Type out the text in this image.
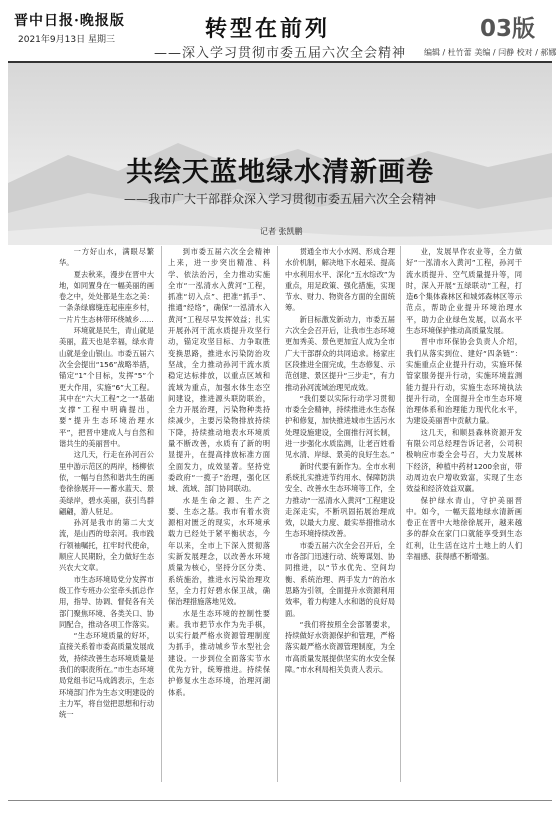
晋中日报·晚报版
2021年9月13日 星期三	转型在前列
——深入学习贯彻市委五届六次全会精神
03版
编辑 / 杜竹蕾 美编 / 闫静 校对 / 郝娜
共绘天蓝地绿水清新画卷
——我市广大干部群众深入学习贯彻市委五届六次全会精神
记者 张凯鹏

一方好山水，满眼尽繁华。

夏去秋来，漫步在晋中大地，如同置身在一幅美丽的画卷之中，处处都是生态之美：一条条绿廊缝连起座座乡村，一片片生态林带环绕城乡……

环境就是民生，青山就是美丽，蓝天也是幸福，绿水青山就是金山银山。市委五届六次全会提出“156”战略举措，锚定“1”个目标，发挥“5”个更大作用，实施“6”大工程。其中在“六大工程”之一“基础支撑”工程中明确提出，要“提升生态环境治理水平”，把晋中建成人与自然和谐共生的美丽晋中。

这几天，行走在孙河百公里中游示范区的两岸，杨柳依依，一幅与自然和谐共生的画卷徐徐展开——蓄水蓝天、景美绿岸，碧水美丽，获引鸟群翩翩，游人驻足。

孙河是我市的第二大支流，是山西的母亲河。我市践行领袖嘱托，扛牢时代使命，顺应人民期盼，全力做好生态兴农大文章。

市生态环境局党分发挥市级工作专班办公室牵头抓总作用，指导、协调、督促各有关部门聚焦环境、各类关口、协同配合，推动各项工作落实。

“生态环境质量的好坏，直接关系着市委高质量发展成效，持续改善生态环境质量是我们的职责所在。”市生态环境局党组书记马成鸽表示，生态环境部门作为生态文明建设的主力军，将自觉把思想和行动统一

到市委五届六次全会精神上来，进一步突出精准、科学、依法治污，全力推动实施全市“一泓清水入黄河”工程，抓准“切入点”、把准“抓手”、推通“经络”，确保“一泓清水入黄河”工程尽早发挥效益；扎实开展孙河干流水质提升攻坚行动，锚定攻坚目标、力争取胜变换思路，推进水污染防治攻坚战，全力推动孙河干流水质稳定达标排放，以重点区域和流域为重点，加强水体生态空间建设，推进源头联防联治，全力开展治理，污染物种类持续减少，主要污染物排放持续下降，持续推动地表水环境质量不断改善，水质有了新的明显提升，在提高排放标准方面全面发力，成效显著。坚持党委政府“一揽子”治理，强化区域、流域、部门协同联动。

水是生命之源、生产之要、生态之基。我市有着水资源相对匮乏的现实，水环境承载力已经处于紧平衡状态，今年以来，全市上下深入贯彻落实新发展理念，以改善水环境质量为核心，坚持分区分类、系统施治，推进水污染治理攻坚，全力打好碧水保卫战，确保治理措施落地见效。

水是生态环境的控制性要素。我市把节水作为先手棋，以实行最严格水资源管理制度为抓手，推动城乡节水型社会建设。一步到位全面落实节水优先方针，统筹推进。持续保护修复水生态环境，治理河湖体系。

贯通全市大小水网、形成合理水价机制，解决地下水超采、提高中水利用水平、深化“五水综改”为重点，用足政策、强化措施，实现节水、财力、物资各方面的全面统筹。

新目标激发新动力，市委五届六次全会召开后，让我市生态环境更加秀美、景色更加宜人成为全市广大干部群众的共同追求。杨家庄区段推进全面完成，生态修复、示范创建、景区提升“三步走”，有力推动孙河流域治理见成效。

“我们要以实际行动学习贯彻市委全会精神，持续推进水生态保护和修复，加快推进城市生活污水处理设施建设，全面推行河长制，进一步强化水质监测，让老百姓看见水清、岸绿、景美的良好生态。”

新时代要有新作为。全市水利系统扎实推进节约用水、保障防洪安全、改善水生态环境等工作，全力推动“一泓清水入黄河”工程建设走深走实，不断巩固拓展治理成效，以最大力度、最实举措推动水生态环境持续改善。

市委五届六次全会召开后，全市各部门迅速行动、统筹谋划、协同推进，以“节水优先、空间均衡、系统治理、两手发力”的治水思路为引领，全面提升水资源利用效率，着力构建人水和谐的良好局面。

“我们将按照全会部署要求，持续做好水资源保护和管理，严格落实最严格水资源管理制度，为全市高质量发展提供坚实的水安全保障。”市水利局相关负责人表示。

业，发展旱作农业等，全力做好“一泓清水入黄河”工程，孙河干流水质提升、空气质量提升等，同时，深入开展“五绿联动”工程，打造6个集体森林区和城郊森林区等示范点，帮助企业提升环境治理水平，助力企业绿色发展，以高水平生态环境保护推动高质量发展。

晋中市环保协会负责人介绍，我们从落实到位、建好“四条链”：实施重点企业提升行动，实施环保管家服务提升行动，实施环境监测能力提升行动，实施生态环境执法提升行动，全面提升全市生态环境治理体系和治理能力现代化水平，为建设美丽晋中贡献力量。

这几天，和顺县森林资源开发有限公司总经理告诉记者，公司积极响应市委全会号召，大力发展林下经济，种植中药材1200余亩，带动周边农户增收致富，实现了生态效益和经济效益双赢。

保护绿水青山，守护美丽晋中。如今，一幅天蓝地绿水清新画卷正在晋中大地徐徐展开，越来越多的群众在家门口就能享受到生态红利，让生活在这片土地上的人们幸福感、获得感不断增强。
